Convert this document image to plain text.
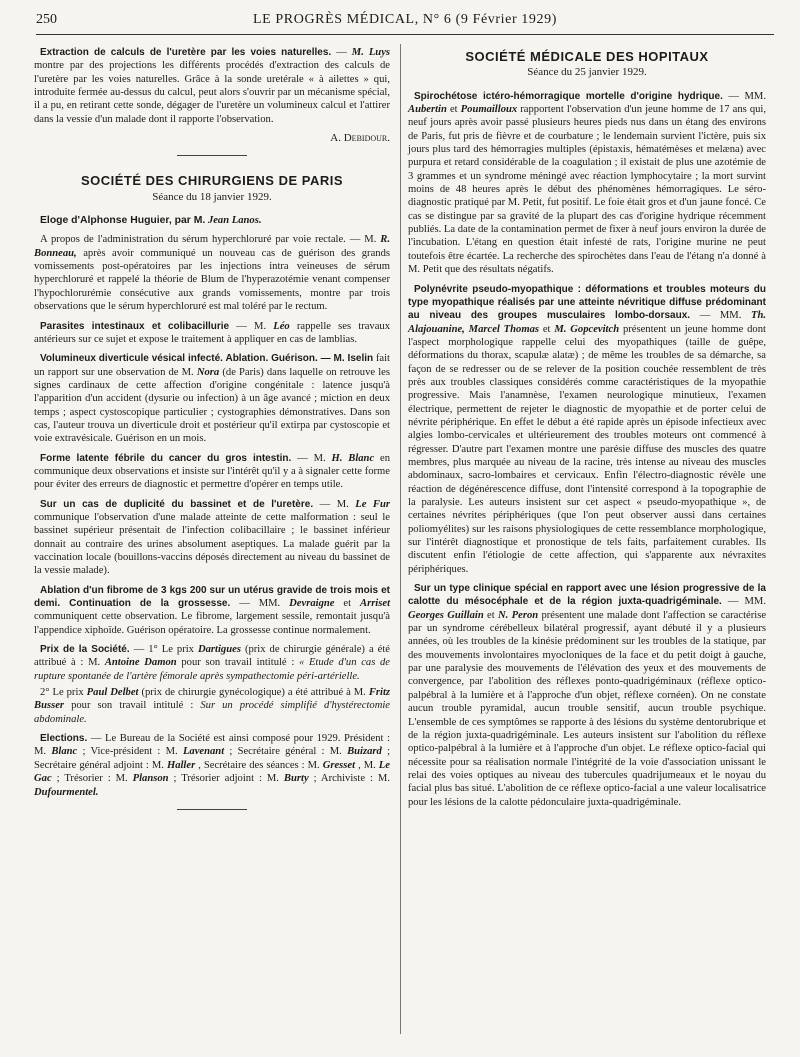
250	LE PROGRÈS MÉDICAL, N° 6 (9 Février 1929)

Extraction de calculs de l'uretère par les voies naturelles. — M. Luys montre par des projections les différents procédés d'extraction des calculs de l'uretère par les voies naturelles. Grâce à la sonde uretérale « à ailettes » qui, introduite fermée au-dessus du calcul, peut alors s'ouvrir par un mécanisme spécial, il a pu, en retirant cette sonde, dégager de l'uretère un volumineux calcul et l'attirer dans la vessie d'un malade dont il rapporte l'observation.

A. Debidour.
SOCIÉTÉ DES CHIRURGIENS DE PARIS
Séance du 18 janvier 1929.

Eloge d'Alphonse Huguier, par M. Jean Lanos.

A propos de l'administration du sérum hyperchloruré par voie rectale. — M. R. Bonneau, après avoir communiqué un nouveau cas de guérison des grands vomissements post-opératoires par les injections intra veineuses de sérum hyperchloruré et rappelé la théorie de Blum de l'hyperazotémie venant compenser l'hypochlorurémie consécutive aux grands vomissements, montre par trois observations que le sérum hyperchloruré est mal toléré par le rectum.

Parasites intestinaux et colibacillurie — M. Léo rappelle ses travaux antérieurs sur ce sujet et expose le traitement à appliquer en cas de lamblias.

Volumineux diverticule vésical infecté. Ablation. Guérison. — M. Iselin fait un rapport sur une observation de M. Nora (de Paris) dans laquelle on retrouve les signes cardinaux de cette affection d'origine congénitale : latence jusqu'à l'apparition d'un accident (dysurie ou infection) à un âge avancé ; miction en deux temps ; aspect cystoscopique particulier ; cystographies démonstratives. Dans son cas, l'auteur trouva un diverticule droit et postérieur qu'il extirpa par cystoscopie et voie extravésicale. Guérison en un mois.

Forme latente fébrile du cancer du gros intestin. — M. H. Blanc en communique deux observations et insiste sur l'intérêt qu'il y a à signaler cette forme pour éviter des erreurs de diagnostic et permettre d'opérer en temps utile.

Sur un cas de duplicité du bassinet et de l'uretère. — M. Le Fur communique l'observation d'une malade atteinte de cette malformation : seul le bassinet supérieur présentait de l'infection colibacillaire ; le bassinet inférieur donnait au contraire des urines absolument aseptiques. La malade guérit par la vaccination locale (bouillons-vaccins déposés directement au niveau du bassinet de la vessie malade).

Ablation d'un fibrome de 3 kgs 200 sur un utérus gravide de trois mois et demi. Continuation de la grossesse. — MM. Devraigne et Arriset communiquent cette observation. Le fibrome, largement sessile, remontait jusqu'à l'appendice xiphoïde. Guérison opératoire. La grossesse continue normalement.

Prix de la Société. — 1° Le prix Dartigues (prix de chirurgie générale) a été attribué à : M. Antoine Damon pour son travail intitulé : « Etude d'un cas de rupture spontanée de l'artère fémorale après sympathectomie péri-artérielle.

2° Le prix Paul Delbet (prix de chirurgie gynécologique) a été attribué à M. Fritz Busser pour son travail intitulé : Sur un procédé simplifié d'hystérectomie abdominale.

Elections. — Le Bureau de la Société est ainsi composé pour 1929. Président : M. Blanc ; Vice-président : M. Lavenant ; Secrétaire général : M. Buizard ; Secrétaire général adjoint : M. Haller , Secrétaire des séances : M. Gresset , M. Le Gac ; Trésorier : M. Planson ; Trésorier adjoint : M. Burty ; Archiviste : M. Dufourmentel.

SOCIÉTÉ MÉDICALE DES HOPITAUX
Séance du 25 janvier 1929.

Spirochétose ictéro-hémorragique mortelle d'origine hydrique. — MM. Aubertin et Poumailloux rapportent l'observation d'un jeune homme de 17 ans qui, neuf jours après avoir passé plusieurs heures pieds nus dans un étang des environs de Paris, fut pris de fièvre et de courbature ; le lendemain survient l'ictère, puis six jours plus tard des hémorragies multiples (épistaxis, hématémèses et melæna) avec purpura et retard considérable de la coagulation ; il existait de plus une azotémie de 3 grammes et un syndrome méningé avec réaction lymphocytaire ; la mort survint moins de 48 heures après le début des phénomènes hémorragiques. Le séro-diagnostic pratiqué par M. Petit, fut positif. Le foie était gros et d'un jaune foncé. Ce cas se distingue par sa gravité de la plupart des cas d'origine hydrique récemment publiés. La date de la contamination permet de fixer à neuf jours environ la durée de l'incubation. L'étang en question était infesté de rats, l'origine murine ne peut toutefois être écartée. La recherche des spirochètes dans l'eau de l'étang n'a donné à M. Petit que des résultats négatifs.

Polynévrite pseudo-myopathique : déformations et troubles moteurs du type myopathique réalisés par une atteinte névritique diffuse prédominant au niveau des groupes musculaires lombo-dorsaux. — MM. Th. Alajouanine, Marcel Thomas et M. Gopcevitch présentent un jeune homme dont l'aspect morphologique rappelle celui des myopathiques (taille de guêpe, déformations du thorax, scapulæ alatæ) ; de même les troubles de sa démarche, sa façon de se redresser ou de se relever de la position couchée ressemblent de très près aux troubles classiques considérés comme caractéristiques de la myopathie progressive. Mais l'anamnèse, l'examen neurologique minutieux, l'examen électrique, permettent de rejeter le diagnostic de myopathie et de porter celui de névrite périphérique. En effet le début a été rapide après un épisode infectieux avec algies lombo-cervicales et ultérieurement des troubles moteurs ont commencé à régresser. D'autre part l'examen montre une parésie diffuse des muscles des quatre membres, plus marquée au niveau de la racine, très intense au niveau des muscles abdominaux, sacro-lombaires et cervicaux. Enfin l'électro-diagnostic révèle une réaction de dégénérescence diffuse, dont l'intensité correspond à la topographie de la paralysie. Les auteurs insistent sur cet aspect « pseudo-myopathique », de certaines névrites périphériques (que l'on peut observer aussi dans certaines poliomyélites) sur les raisons physiologiques de cette ressemblance morphologique, sur l'intérêt diagnostique et pronostique de tels faits, parfaitement curables. Ils discutent enfin l'étiologie de cette affection, qui s'apparente aux névraxites périphériques.

Sur un type clinique spécial en rapport avec une lésion progressive de la calotte du mésocéphale et de la région juxta-quadrigéminale. — MM. Georges Guillain et N. Peron présentent une malade dont l'affection se caractérise par un syndrome cérébelleux bilatéral progressif, ayant débuté il y a plusieurs années, où les troubles de la kinésie prédominent sur les troubles de la statique, par des mouvements involontaires myocloniques de la face et du petit doigt à gauche, par une paralysie des mouvements de l'élévation des yeux et des mouvements de convergence, par l'abolition des réflexes ponto-quadrigéminaux (réflexe optico-palpébral à la lumière et à l'approche d'un objet, réflexe cornéen). On ne constate aucun trouble pyramidal, aucun trouble sensitif, aucun trouble psychique. L'ensemble de ces symptômes se rapporte à des lésions du système dentorubrique et de la région juxta-quadrigéminale. Les auteurs insistent sur l'abolition du réflexe optico-palpébral à la lumière et à l'approche d'un objet. Le réflexe optico-facial qui nécessite pour sa réalisation normale l'intégrité de la voie d'association unissant le relai des voies optiques au niveau des tubercules quadrijumeaux et le noyau du facial plus bas situé. L'abolition de ce réflexe optico-facial a une valeur localisatrice pour les lésions de la calotte pédonculaire juxta-quadrigéminale.
